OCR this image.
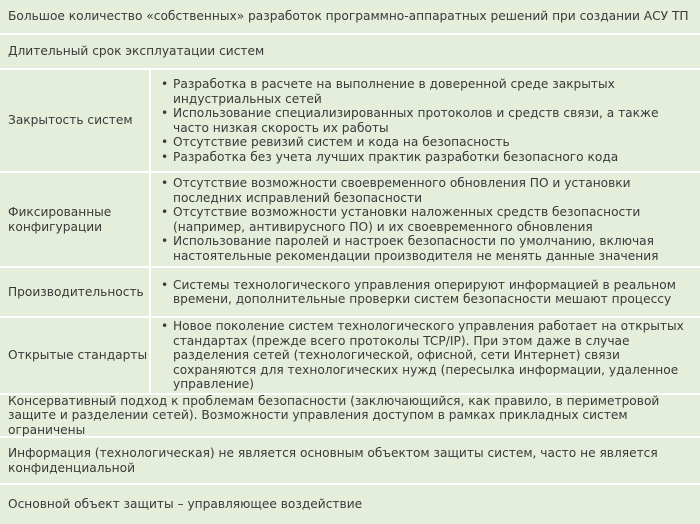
Большое количество «собственных» разработок программно-аппаратных решений при создании АСУ ТП
Длительный срок эксплуатации систем
Закрытость систем
• Разработка в расчете на выполнение в доверенной среде закрытых индустриальных сетей
• Использование специализированных протоколов и средств связи, а также часто низкая скорость их работы
• Отсутствие ревизий систем и кода на безопасность
• Разработка без учета лучших практик разработки безопасного кода
Фиксированные конфигурации
• Отсутствие возможности своевременного обновления ПО и установки последних исправлений безопасности
• Отсутствие возможности установки наложенных средств безопасности (например, антивирусного ПО) и их своевременного обновления
• Использование паролей и настроек безопасности по умолчанию, включая настоятельные рекомендации производителя не менять данные значения
Производительность
• Системы технологического управления оперируют информацией в реальном времени, дополнительные проверки систем безопасности мешают процессу
Открытые стандарты
• Новое поколение систем технологического управления работает на открытых стандартах (прежде всего протоколы TCP/IP). При этом даже в случае разделения сетей (технологической, офисной, сети Интернет) связи сохраняются для технологических нужд (пересылка информации, удаленное управление)
Консервативный подход к проблемам безопасности (заключающийся, как правило, в периметровой защите и разделении сетей). Возможности управления доступом в рамках прикладных систем ограничены
Информация (технологическая) не является основным объектом защиты систем, часто не является конфиденциальной
Основной объект защиты – управляющее воздействие
